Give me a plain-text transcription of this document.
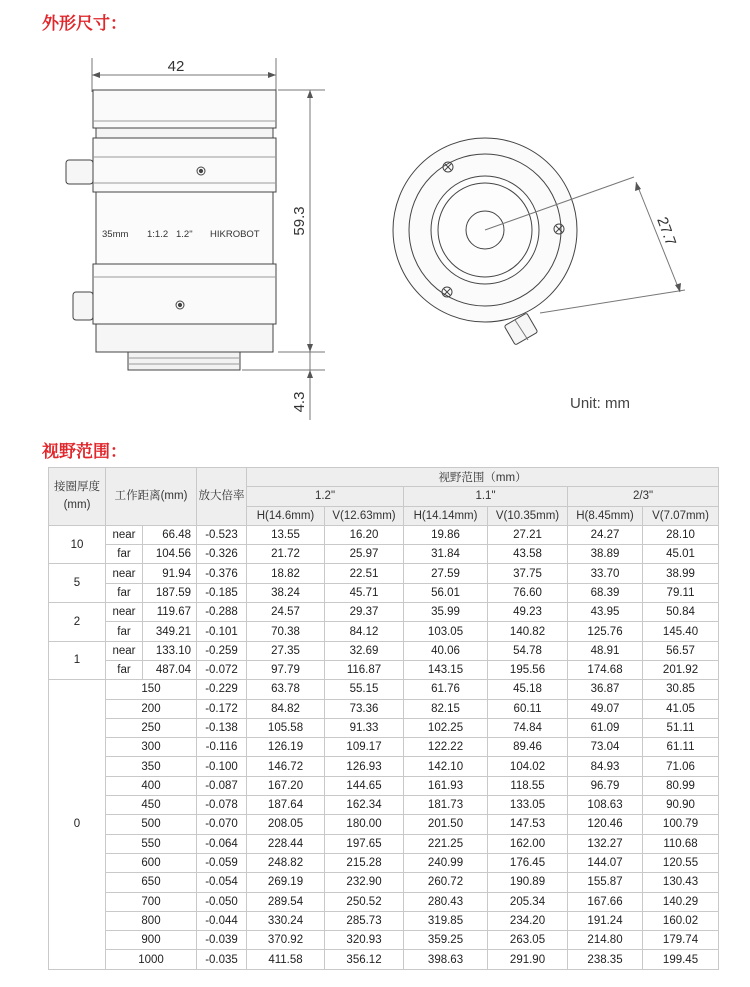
外形尺寸：
42
59.3
4.3
35mm 1:1.2 1.2" HIKROBOT	27.7
Unit: mm
视野范围：
接圈厚度(mm)	工作距离(mm)		放大倍率	视野范围（mm）					
				1.2"		1.1"		2/3"	
				H(14.6mm)	V(12.63mm)	H(14.14mm)	V(10.35mm)	H(8.45mm)	V(7.07mm)
10	near	66.48	-0.523	13.55	16.20	19.86	27.21	24.27	28.10
	far	104.56	-0.326	21.72	25.97	31.84	43.58	38.89	45.01
5	near	91.94	-0.376	18.82	22.51	27.59	37.75	33.70	38.99
	far	187.59	-0.185	38.24	45.71	56.01	76.60	68.39	79.11
2	near	119.67	-0.288	24.57	29.37	35.99	49.23	43.95	50.84
	far	349.21	-0.101	70.38	84.12	103.05	140.82	125.76	145.40
1	near	133.10	-0.259	27.35	32.69	40.06	54.78	48.91	56.57
	far	487.04	-0.072	97.79	116.87	143.15	195.56	174.68	201.92
0	150		-0.229	63.78	55.15	61.76	45.18	36.87	30.85
	200		-0.172	84.82	73.36	82.15	60.11	49.07	41.05
	250		-0.138	105.58	91.33	102.25	74.84	61.09	51.11
	300		-0.116	126.19	109.17	122.22	89.46	73.04	61.11
	350		-0.100	146.72	126.93	142.10	104.02	84.93	71.06
	400		-0.087	167.20	144.65	161.93	118.55	96.79	80.99
	450		-0.078	187.64	162.34	181.73	133.05	108.63	90.90
	500		-0.070	208.05	180.00	201.50	147.53	120.46	100.79
	550		-0.064	228.44	197.65	221.25	162.00	132.27	110.68
	600		-0.059	248.82	215.28	240.99	176.45	144.07	120.55
	650		-0.054	269.19	232.90	260.72	190.89	155.87	130.43
	700		-0.050	289.54	250.52	280.43	205.34	167.66	140.29
	800		-0.044	330.24	285.73	319.85	234.20	191.24	160.02
	900		-0.039	370.92	320.93	359.25	263.05	214.80	179.74
	1000		-0.035	411.58	356.12	398.63	291.90	238.35	199.45
